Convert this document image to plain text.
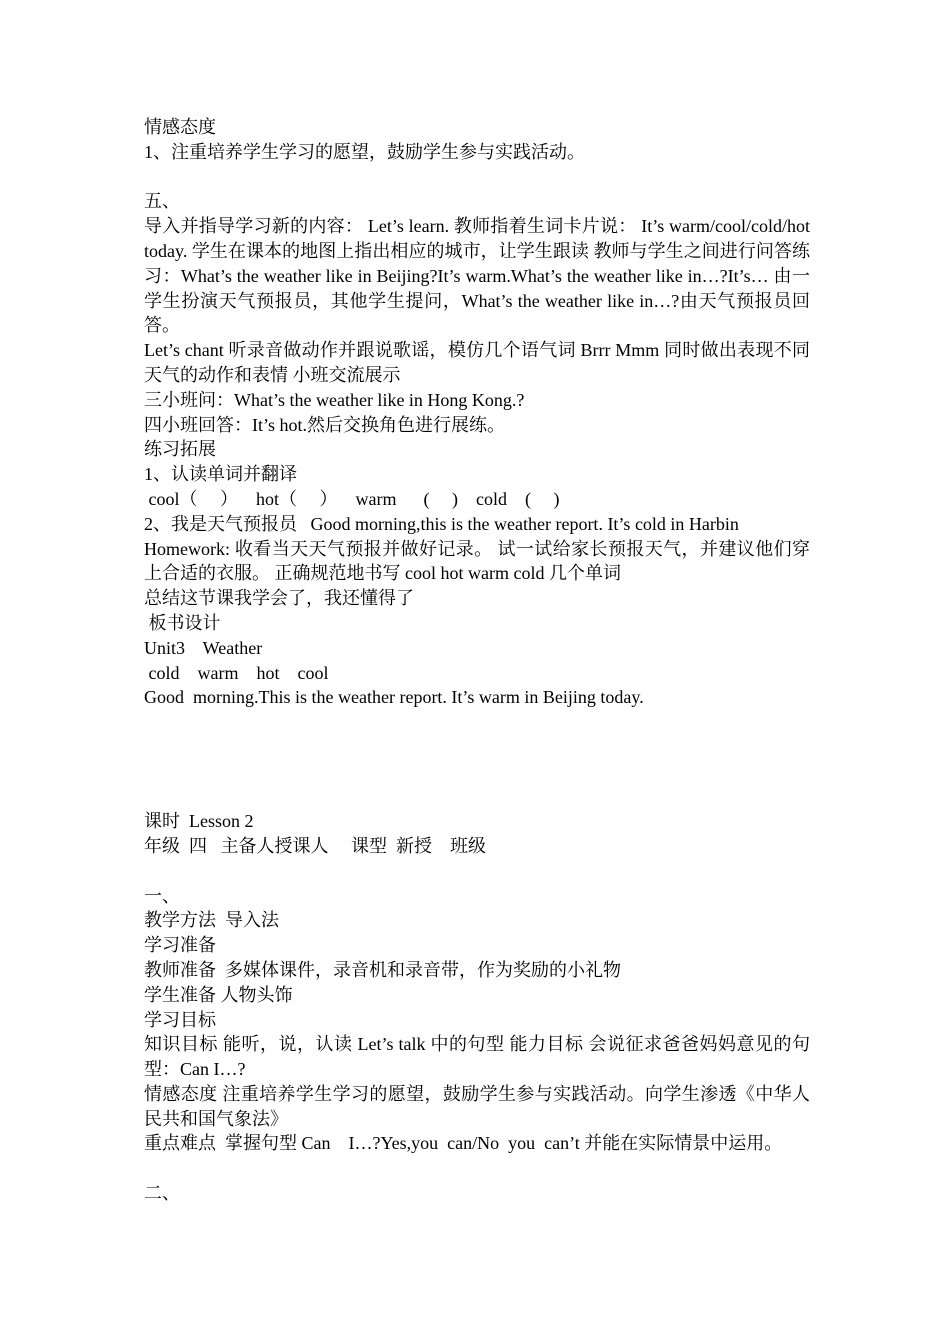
情感态度

1、注重培养学生学习的愿望，鼓励学生参与实践活动。

五、

导入并指导学习新的内容： Let’s learn. 教师指着生词卡片说： It’s warm/cool/cold/hot today. 学生在课本的地图上指出相应的城市，让学生跟读 教师与学生之间进行问答练习：What’s the weather like in Beijing?It’s warm.What’s the weather like in…?It’s… 由一学生扮演天气预报员，其他学生提问，What’s the weather like in…?由天气预报员回答。

Let’s chant 听录音做动作并跟说歌谣，模仿几个语气词 Brrr Mmm 同时做出表现不同天气的动作和表情 小班交流展示

三小班问：What’s the weather like in Hong Kong.?

四小班回答：It’s hot.然后交换角色进行展练。

练习拓展

1、认读单词并翻译

cool（     ）    hot（     ）    warm      (     )    cold    (     )

2、我是天气预报员   Good morning,this is the weather report. It’s cold in Harbin

Homework: 收看当天天气预报并做好记录。 试一试给家长预报天气，并建议他们穿上合适的衣服。 正确规范地书写 cool hot warm cold 几个单词

总结这节课我学会了，我还懂得了

板书设计

Unit3    Weather

cold    warm    hot    cool

Good  morning.This is the weather report. It’s warm in Beijing today.

课时  Lesson 2

年级  四   主备人授课人     课型  新授    班级

一、

教学方法  导入法

学习准备

教师准备  多媒体课件，录音机和录音带，作为奖励的小礼物

学生准备 人物头饰

学习目标

知识目标 能听，说，认读 Let’s talk 中的句型 能力目标 会说征求爸爸妈妈意见的句型：Can I…?

情感态度 注重培养学生学习的愿望，鼓励学生参与实践活动。向学生渗透《中华人民共和国气象法》

重点难点  掌握句型 Can    I…?Yes,you  can/No  you  can’t 并能在实际情景中运用。

二、
